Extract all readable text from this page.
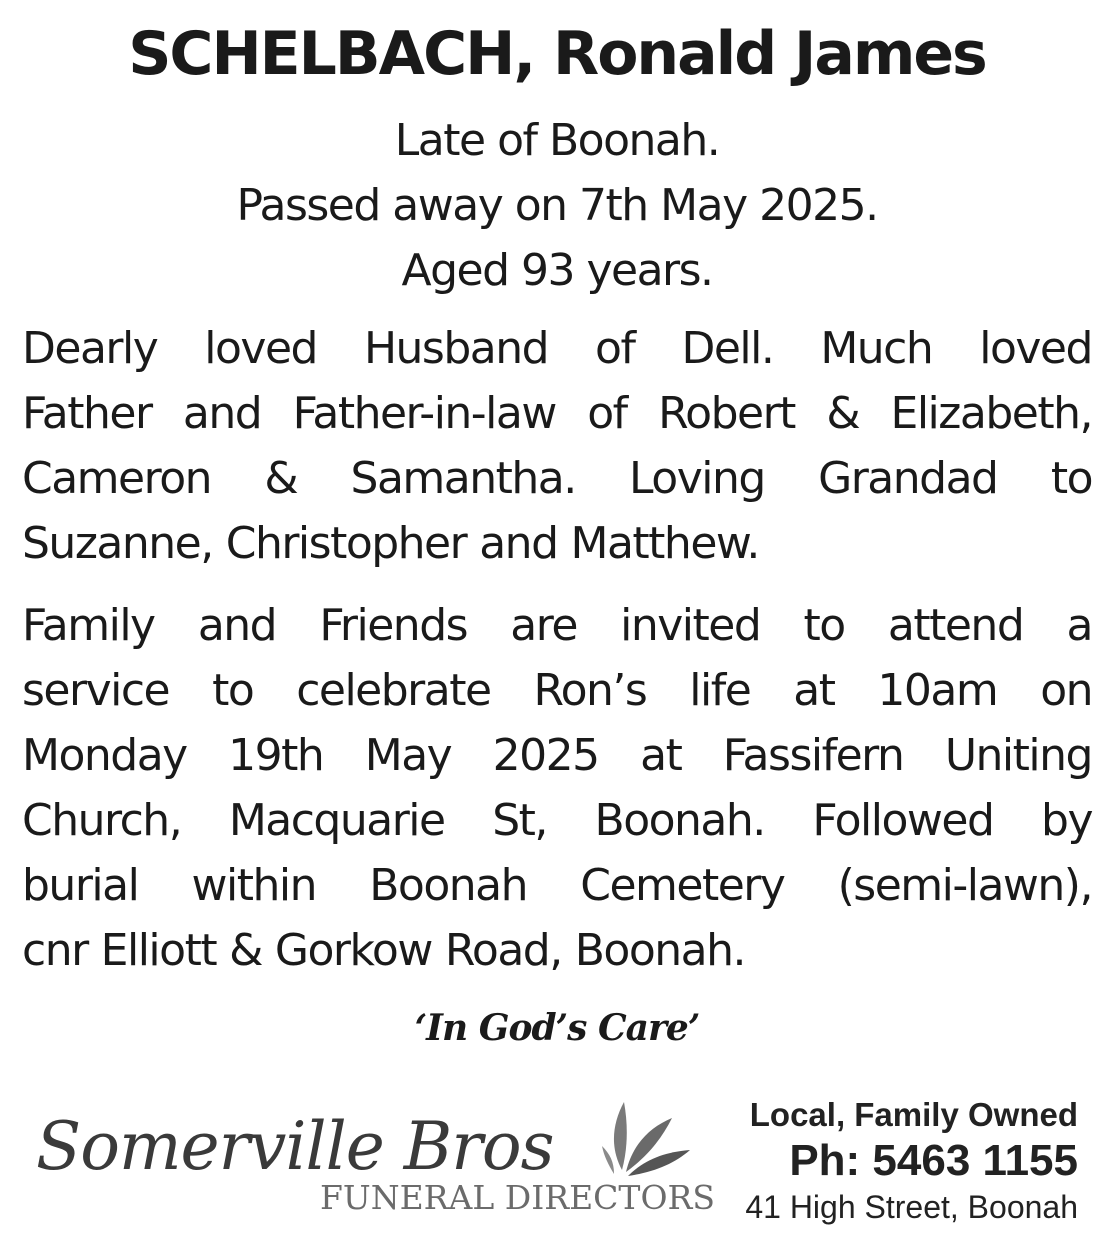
SCHELBACH, Ronald James
Late of Boonah.
Passed away on 7th May 2025.
Aged 93 years.
Dearly loved Husband of Dell. Much loved
Father and Father-in-law of Robert & Elizabeth,
Cameron & Samantha. Loving Grandad to
Suzanne, Christopher and Matthew.
Family and Friends are invited to attend a
service to celebrate Ron’s life at 10am on
Monday 19th May 2025 at Fassifern Uniting
Church, Macquarie St, Boonah. Followed by
burial within Boonah Cemetery (semi-lawn),
cnr Elliott & Gorkow Road, Boonah.
‘In God’s Care’
Somerville Bros
FUNERAL DIRECTORS
Local, Family Owned
Ph: 5463 1155
41 High Street, Boonah
